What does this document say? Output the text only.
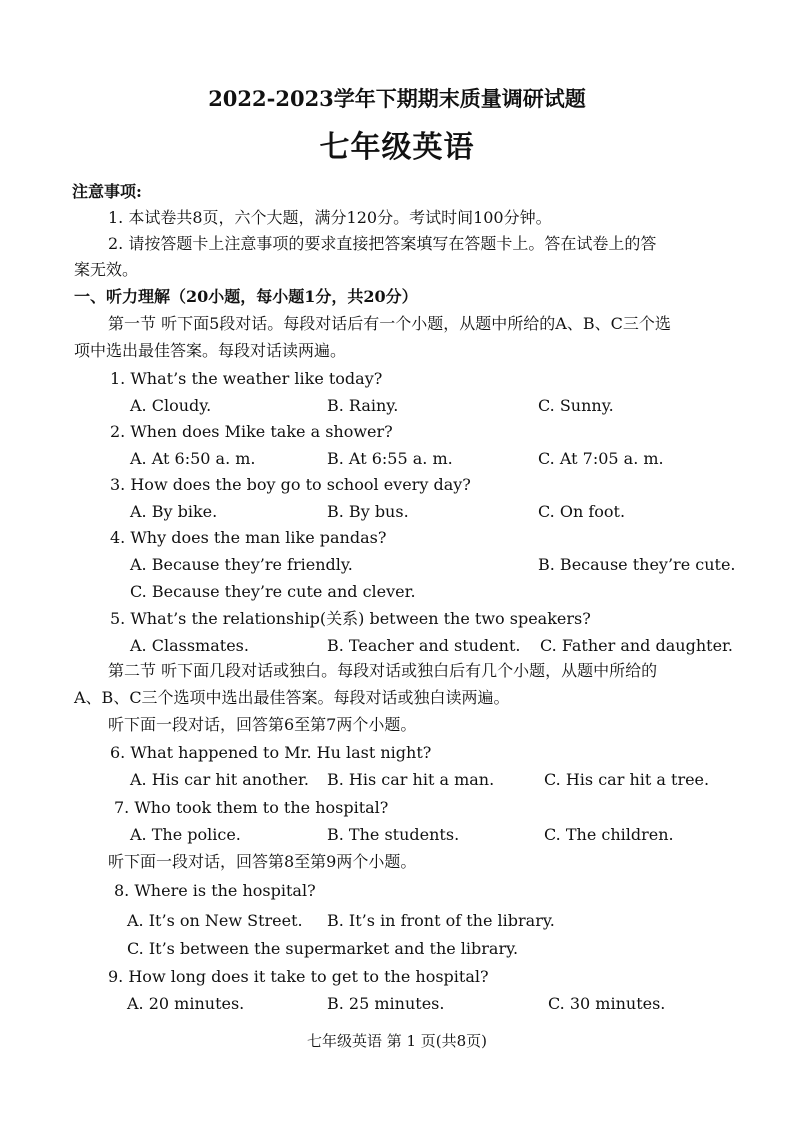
2022-2023学年下期期末质量调研试题
七年级英语
注意事项:
1. 本试卷共8页，六个大题，满分120分。考试时间100分钟。
2. 请按答题卡上注意事项的要求直接把答案填写在答题卡上。答在试卷上的答
案无效。
一、听力理解（20小题，每小题1分，共20分）
第一节 听下面5段对话。每段对话后有一个小题，从题中所给的A、B、C三个选
项中选出最佳答案。每段对话读两遍。
1. What’s the weather like today?
A. Cloudy.	B. Rainy.	C. Sunny.
2. When does Mike take a shower?
A. At 6:50 a. m.	B. At 6:55 a. m.	C. At 7:05 a. m.
3. How does the boy go to school every day?
A. By bike.	B. By bus.	C. On foot.
4. Why does the man like pandas?
A. Because they’re friendly.	B. Because they’re cute.
C. Because they’re cute and clever.
5. What’s the relationship(关系) between the two speakers?
A. Classmates.	B. Teacher and student. C. Father and daughter.
第二节 听下面几段对话或独白。每段对话或独白后有几个小题，从题中所给的
A、B、C三个选项中选出最佳答案。每段对话或独白读两遍。
听下面一段对话，回答第6至第7两个小题。
6. What happened to Mr. Hu last night?
A. His car hit another. B. His car hit a man.	C. His car hit a tree.
7. Who took them to the hospital?
A. The police.	B. The students.	C. The children.
听下面一段对话，回答第8至第9两个小题。
8. Where is the hospital?
A. It’s on New Street. B. It’s in front of the library.
C. It’s between the supermarket and the library.
9. How long does it take to get to the hospital?
A. 20 minutes.	B. 25 minutes.	C. 30 minutes.
七年级英语 第 1 页(共8页)
